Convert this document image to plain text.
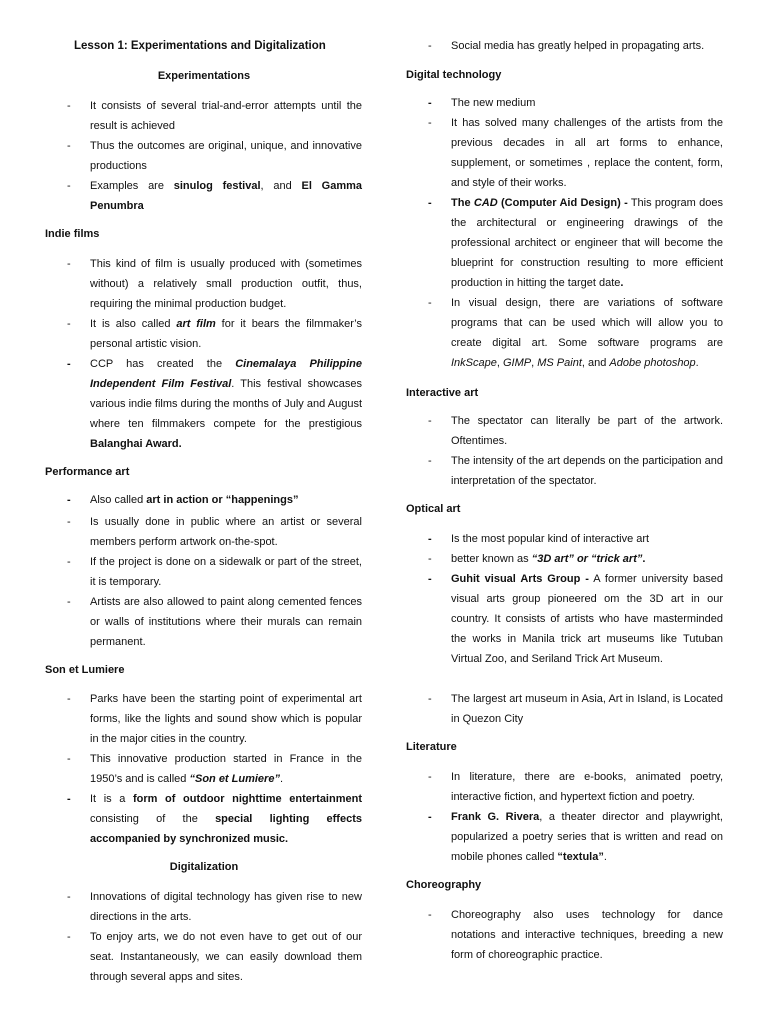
Lesson 1: Experimentations and Digitalization
Experimentations
- It consists of several trial-and-error attempts until the result is achieved
- Thus the outcomes are original, unique, and innovative productions
- Examples are sinulog festival, and El Gamma Penumbra
Indie films
- This kind of film is usually produced with (sometimes without) a relatively small production outfit, thus, requiring the minimal production budget.
- It is also called art film for it bears the filmmaker’s personal artistic vision.
- CCP has created the Cinemalaya Philippine Independent Film Festival. This festival showcases various indie films during the months of July and August where ten filmmakers compete for the prestigious Balanghai Award.
Performance art
- Also called art in action or “happenings”
- Is usually done in public where an artist or several members perform artwork on-the-spot.
- If the project is done on a sidewalk or part of the street, it is temporary.
- Artists are also allowed to paint along cemented fences or walls of institutions where their murals can remain permanent.
Son et Lumiere
- Parks have been the starting point of experimental art forms, like the lights and sound show which is popular in the major cities in the country.
- This innovative production started in France in the 1950’s and is called “Son et Lumiere”.
- It is a form of outdoor nighttime entertainment consisting of the special lighting effects accompanied by synchronized music.
Digitalization
- Innovations of digital technology has given rise to new directions in the arts.
- To enjoy arts, we do not even have to get out of our seat. Instantaneously, we can easily download them through several apps and sites.
- Social media has greatly helped in propagating arts.
Digital technology
- The new medium
- It has solved many challenges of the artists from the previous decades in all art forms to enhance, supplement, or sometimes , replace the content, form, and style of their works.
- The CAD (Computer Aid Design) - This program does the architectural or engineering drawings of the professional architect or engineer that will become the blueprint for construction resulting to more efficient production in hitting the target date.
- In visual design, there are variations of software programs that can be used which will allow you to create digital art. Some software programs are InkScape, GIMP, MS Paint, and Adobe photoshop.
Interactive art
- The spectator can literally be part of the artwork. Oftentimes.
- The intensity of the art depends on the participation and interpretation of the spectator.
Optical art
- Is the most popular kind of interactive art
- better known as “3D art” or “trick art”.
- Guhit visual Arts Group - A former university based visual arts group pioneered om the 3D art in our country. It consists of artists who have masterminded the works in Manila trick art museums like Tutuban Virtual Zoo, and Seriland Trick Art Museum.
- The largest art museum in Asia, Art in Island, is Located in Quezon City
Literature
- In literature, there are e-books, animated poetry, interactive fiction, and hypertext fiction and poetry.
- Frank G. Rivera, a theater director and playwright, popularized a poetry series that is written and read on mobile phones called “textula”.
Choreography
- Choreography also uses technology for dance notations and interactive techniques, breeding a new form of choreographic practice.
